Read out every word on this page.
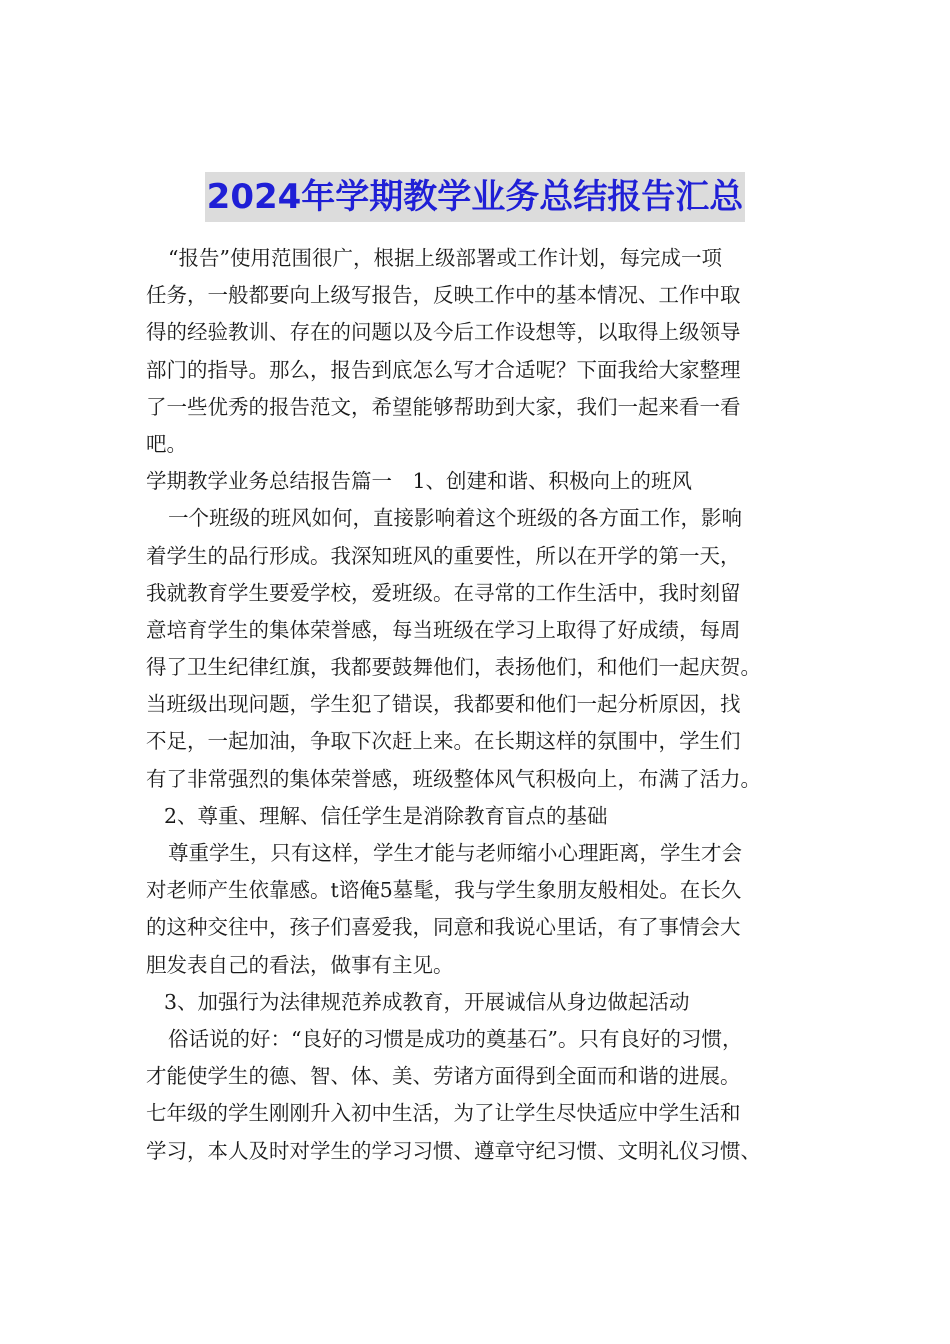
2024年学期教学业务总结报告汇总
“报告”使用范围很广，根据上级部署或工作计划，每完成一项
任务，一般都要向上级写报告，反映工作中的基本情况、工作中取
得的经验教训、存在的问题以及今后工作设想等，以取得上级领导
部门的指导。那么，报告到底怎么写才合适呢？下面我给大家整理
了一些优秀的报告范文，希望能够帮助到大家，我们一起来看一看
吧。
学期教学业务总结报告篇一　1、创建和谐、积极向上的班风
一个班级的班风如何，直接影响着这个班级的各方面工作，影响
着学生的品行形成。我深知班风的重要性，所以在开学的第一天，
我就教育学生要爱学校，爱班级。在寻常的工作生活中，我时刻留
意培育学生的集体荣誉感，每当班级在学习上取得了好成绩，每周
得了卫生纪律红旗，我都要鼓舞他们，表扬他们，和他们一起庆贺。
当班级出现问题，学生犯了错误，我都要和他们一起分析原因，找
不足，一起加油，争取下次赶上来。在长期这样的氛围中，学生们
有了非常强烈的集体荣誉感，班级整体风气积极向上，布满了活力。
2、尊重、理解、信任学生是消除教育盲点的基础
尊重学生，只有这样，学生才能与老师缩小心理距离，学生才会
对老师产生依靠感。t谘俺5墓髦，我与学生象朋友般相处。在长久
的这种交往中，孩子们喜爱我，同意和我说心里话，有了事情会大
胆发表自己的看法，做事有主见。
3、加强行为法律规范养成教育，开展诚信从身边做起活动
俗话说的好：“良好的习惯是成功的奠基石”。只有良好的习惯，
才能使学生的德、智、体、美、劳诸方面得到全面而和谐的进展。
七年级的学生刚刚升入初中生活，为了让学生尽快适应中学生活和
学习，本人及时对学生的学习习惯、遵章守纪习惯、文明礼仪习惯、
